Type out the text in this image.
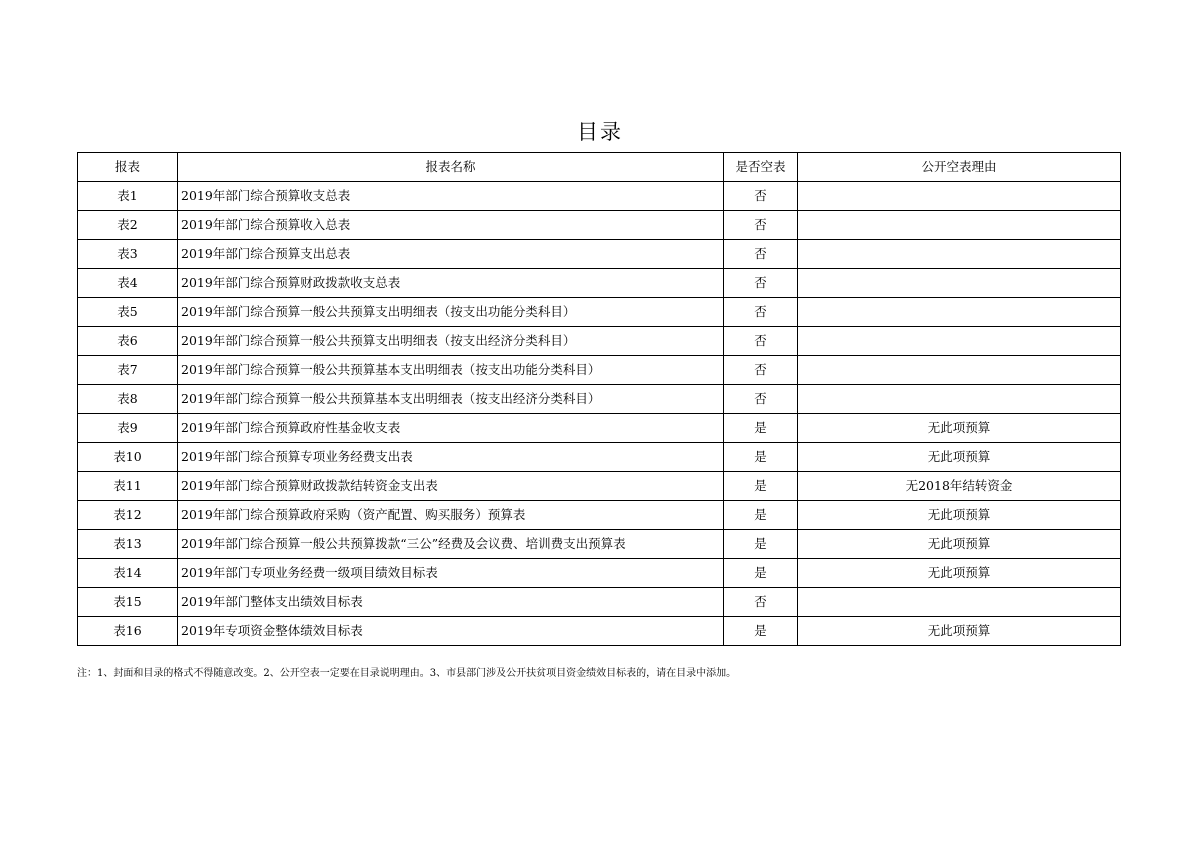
目录
报表	报表名称	是否空表	公开空表理由
表1	2019年部门综合预算收支总表	否	
表2	2019年部门综合预算收入总表	否	
表3	2019年部门综合预算支出总表	否	
表4	2019年部门综合预算财政拨款收支总表	否	
表5	2019年部门综合预算一般公共预算支出明细表（按支出功能分类科目）	否	
表6	2019年部门综合预算一般公共预算支出明细表（按支出经济分类科目）	否	
表7	2019年部门综合预算一般公共预算基本支出明细表（按支出功能分类科目）	否	
表8	2019年部门综合预算一般公共预算基本支出明细表（按支出经济分类科目）	否	
表9	2019年部门综合预算政府性基金收支表	是	无此项预算
表10	2019年部门综合预算专项业务经费支出表	是	无此项预算
表11	2019年部门综合预算财政拨款结转资金支出表	是	无2018年结转资金
表12	2019年部门综合预算政府采购（资产配置、购买服务）预算表	是	无此项预算
表13	2019年部门综合预算一般公共预算拨款“三公”经费及会议费、培训费支出预算表	是	无此项预算
表14	2019年部门专项业务经费一级项目绩效目标表	是	无此项预算
表15	2019年部门整体支出绩效目标表	否	
表16	2019年专项资金整体绩效目标表	是	无此项预算
注：1、封面和目录的格式不得随意改变。2、公开空表一定要在目录说明理由。3、市县部门涉及公开扶贫项目资金绩效目标表的，请在目录中添加。
